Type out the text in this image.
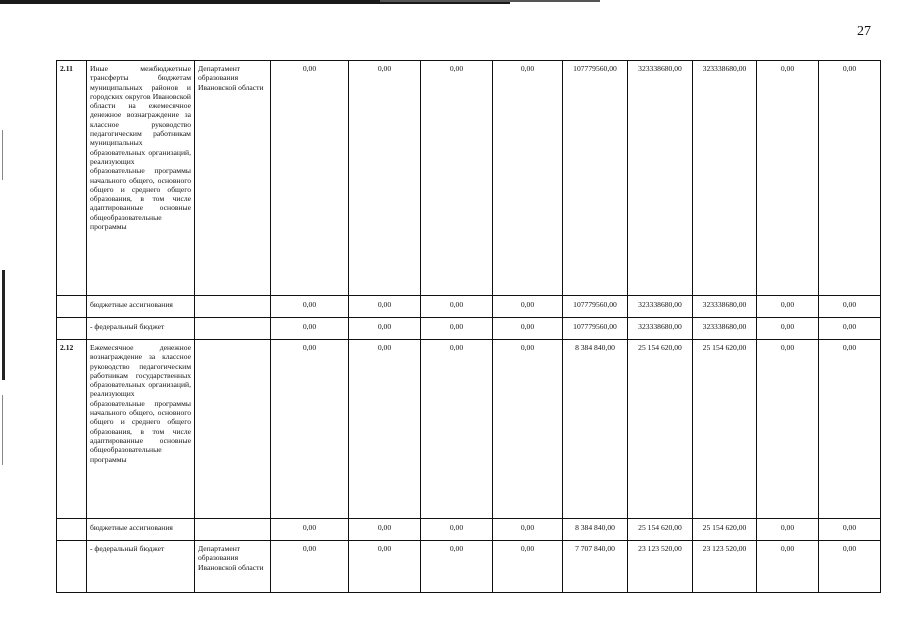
27
2.11	Иные межбюджетные трансферты бюджетам муниципальных районов и городских округов Ивановской области на ежемесячное денежное вознаграждение за классное руководство педагогическим работникам муниципальных образовательных организаций, реализующих образовательные программы начального общего, основного общего и среднего общего образования, в том числе адаптированные основные общеобразовательные программы	Департамент образования Ивановской области	0,00	0,00	0,00	0,00	107779560,00	323338680,00	323338680,00	0,00	0,00
	бюджетные ассигнования		0,00	0,00	0,00	0,00	107779560,00	323338680,00	323338680,00	0,00	0,00
	- федеральный бюджет		0,00	0,00	0,00	0,00	107779560,00	323338680,00	323338680,00	0,00	0,00
2.12	Ежемесячное денежное вознаграждение за классное руководство педагогическим работникам государственных образовательных организаций, реализующих образовательные программы начального общего, основного общего и среднего общего образования, в том числе адаптированные основные общеобразовательные программы		0,00	0,00	0,00	0,00	8 384 840,00	25 154 620,00	25 154 620,00	0,00	0,00
	бюджетные ассигнования		0,00	0,00	0,00	0,00	8 384 840,00	25 154 620,00	25 154 620,00	0,00	0,00
	- федеральный бюджет	Департамент образования Ивановской области	0,00	0,00	0,00	0,00	7 707 840,00	23 123 520,00	23 123 520,00	0,00	0,00
